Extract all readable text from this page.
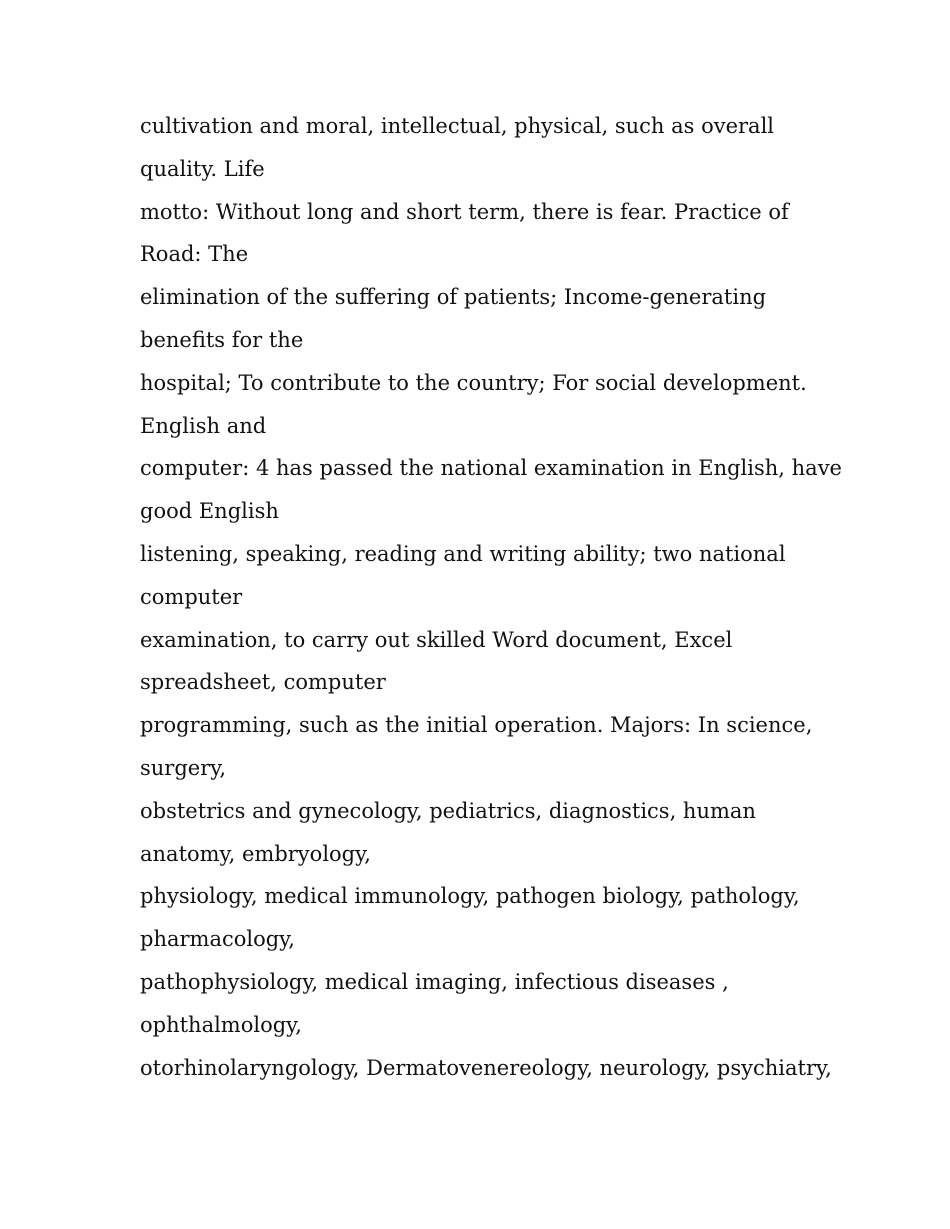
cultivation and moral, intellectual, physical, such as overall
quality. Life
motto: Without long and short term, there is fear. Practice of
Road: The
elimination of the suffering of patients; Income-generating
benefits for the
hospital; To contribute to the country; For social development.
English and
computer: 4 has passed the national examination in English, have
good English
listening, speaking, reading and writing ability; two national
computer
examination, to carry out skilled Word document, Excel
spreadsheet, computer
programming, such as the initial operation. Majors: In science,
surgery,
obstetrics and gynecology, pediatrics, diagnostics, human
anatomy, embryology,
physiology, medical immunology, pathogen biology, pathology,
pharmacology,
pathophysiology, medical imaging, infectious diseases ,
ophthalmology,
otorhinolaryngology, Dermatovenereology, neurology, psychiatry,
